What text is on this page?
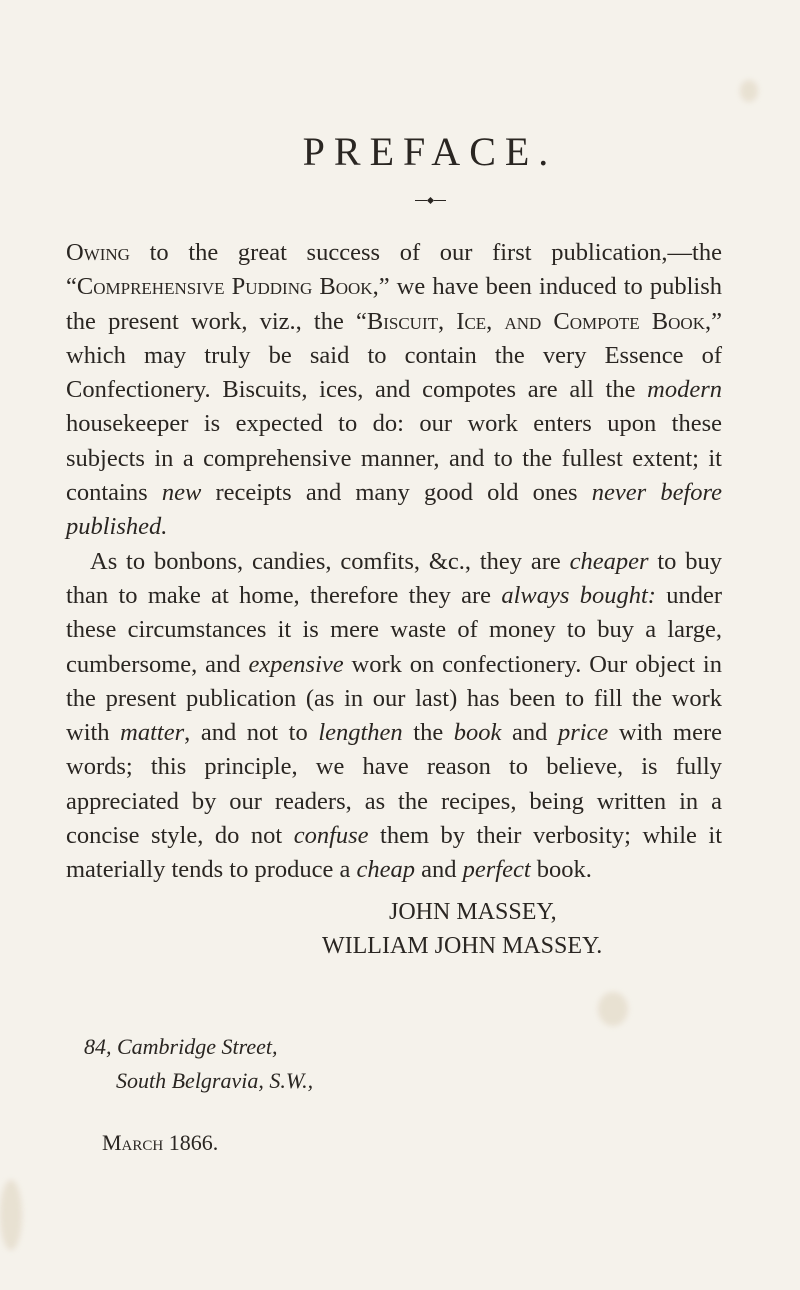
PREFACE.

Owing to the great success of our first publication,—the “Comprehensive Pudding Book,” we have been induced to publish the present work, viz., the “Biscuit, Ice, and Compote Book,” which may truly be said to contain the very Essence of Confectionery. Biscuits, ices, and compotes are all the modern housekeeper is expected to do: our work enters upon these subjects in a comprehensive manner, and to the fullest extent; it contains new receipts and many good old ones never before published.

As to bonbons, candies, comfits, &c., they are cheaper to buy than to make at home, therefore they are always bought: under these circumstances it is mere waste of money to buy a large, cumbersome, and expensive work on confectionery. Our object in the present publication (as in our last) has been to fill the work with matter, and not to lengthen the book and price with mere words; this principle, we have reason to believe, is fully appreciated by our readers, as the recipes, being written in a concise style, do not confuse them by their verbosity; while it materially tends to produce a cheap and perfect book.

JOHN MASSEY,
WILLIAM JOHN MASSEY.
84, Cambridge Street,
South Belgravia, S.W.,
March 1866.
